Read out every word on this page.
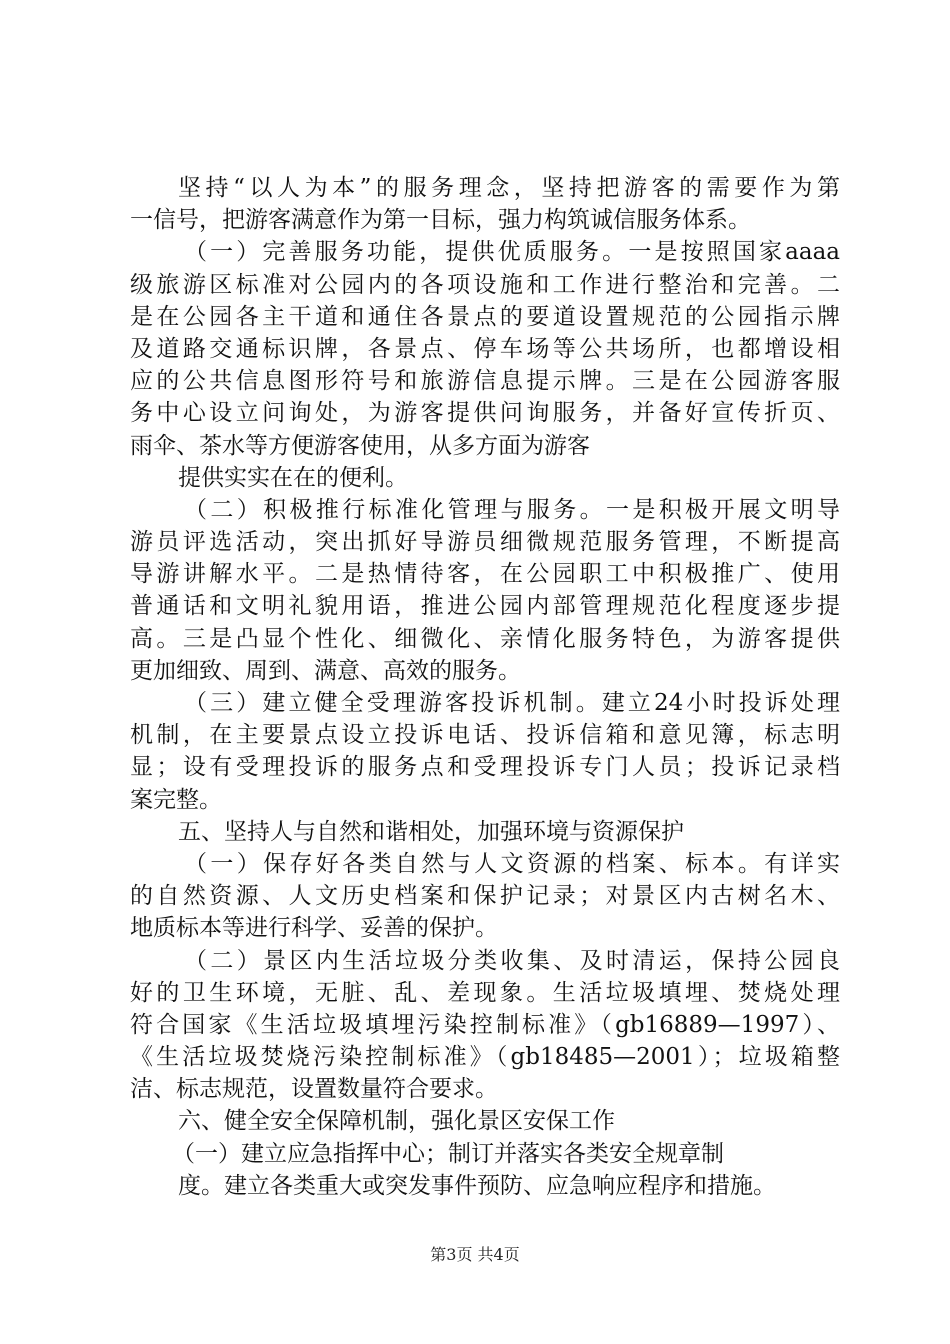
坚持“以人为本”的服务理念，坚持把游客的需要作为第
一信号，把游客满意作为第一目标，强力构筑诚信服务体系。
（一）完善服务功能，提供优质服务。一是按照国家aaaa
级旅游区标准对公园内的各项设施和工作进行整治和完善。二
是在公园各主干道和通住各景点的要道设置规范的公园指示牌
及道路交通标识牌，各景点、停车场等公共场所，也都增设相
应的公共信息图形符号和旅游信息提示牌。三是在公园游客服
务中心设立问询处，为游客提供问询服务，并备好宣传折页、
雨伞、茶水等方便游客使用，从多方面为游客
提供实实在在的便利。
（二）积极推行标准化管理与服务。一是积极开展文明导
游员评选活动，突出抓好导游员细微规范服务管理，不断提高
导游讲解水平。二是热情待客，在公园职工中积极推广、使用
普通话和文明礼貌用语，推进公园内部管理规范化程度逐步提
高。三是凸显个性化、细微化、亲情化服务特色，为游客提供
更加细致、周到、满意、高效的服务。
（三）建立健全受理游客投诉机制。建立24小时投诉处理
机制，在主要景点设立投诉电话、投诉信箱和意见簿，标志明
显；设有受理投诉的服务点和受理投诉专门人员；投诉记录档
案完整。
五、坚持人与自然和谐相处，加强环境与资源保护
（一）保存好各类自然与人文资源的档案、标本。有详实
的自然资源、人文历史档案和保护记录；对景区内古树名木、
地质标本等进行科学、妥善的保护。
（二）景区内生活垃圾分类收集、及时清运，保持公园良
好的卫生环境，无脏、乱、差现象。生活垃圾填埋、焚烧处理
符合国家《生活垃圾填埋污染控制标准》（gb16889—1997）、
《生活垃圾焚烧污染控制标准》（gb18485—2001）；垃圾箱整
洁、标志规范，设置数量符合要求。
六、健全安全保障机制，强化景区安保工作
（一）建立应急指挥中心；制订并落实各类安全规章制
度。建立各类重大或突发事件预防、应急响应程序和措施。
第3页 共4页
